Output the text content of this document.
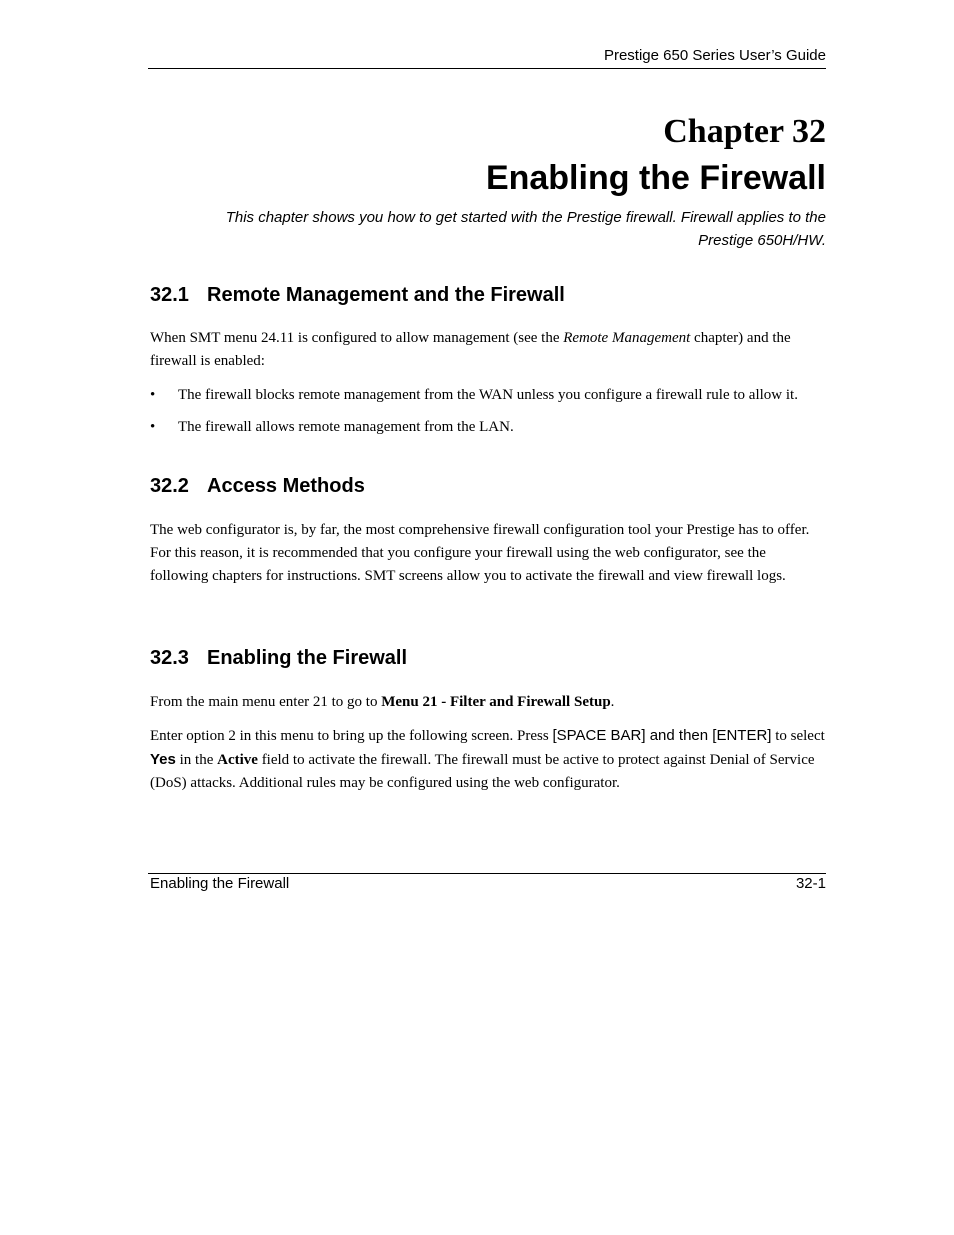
Prestige 650 Series User’s Guide
Chapter 32
Enabling the Firewall
This chapter shows you how to get started with the Prestige firewall. Firewall applies to the
Prestige 650H/HW.
32.1 Remote Management and the Firewall
When SMT menu 24.11 is configured to allow management (see the Remote Management chapter) and the firewall is enabled:
• The firewall blocks remote management from the WAN unless you configure a firewall rule to allow it.
• The firewall allows remote management from the LAN.
32.2 Access Methods
The web configurator is, by far, the most comprehensive firewall configuration tool your Prestige has to offer. For this reason, it is recommended that you configure your firewall using the web configurator, see the following chapters for instructions. SMT screens allow you to activate the firewall and view firewall logs.
32.3 Enabling the Firewall
From the main menu enter 21 to go to Menu 21 - Filter and Firewall Setup.
Enter option 2 in this menu to bring up the following screen. Press [SPACE BAR] and then [ENTER] to select Yes in the Active field to activate the firewall. The firewall must be active to protect against Denial of Service (DoS) attacks. Additional rules may be configured using the web configurator.
Enabling the Firewall	32-1
